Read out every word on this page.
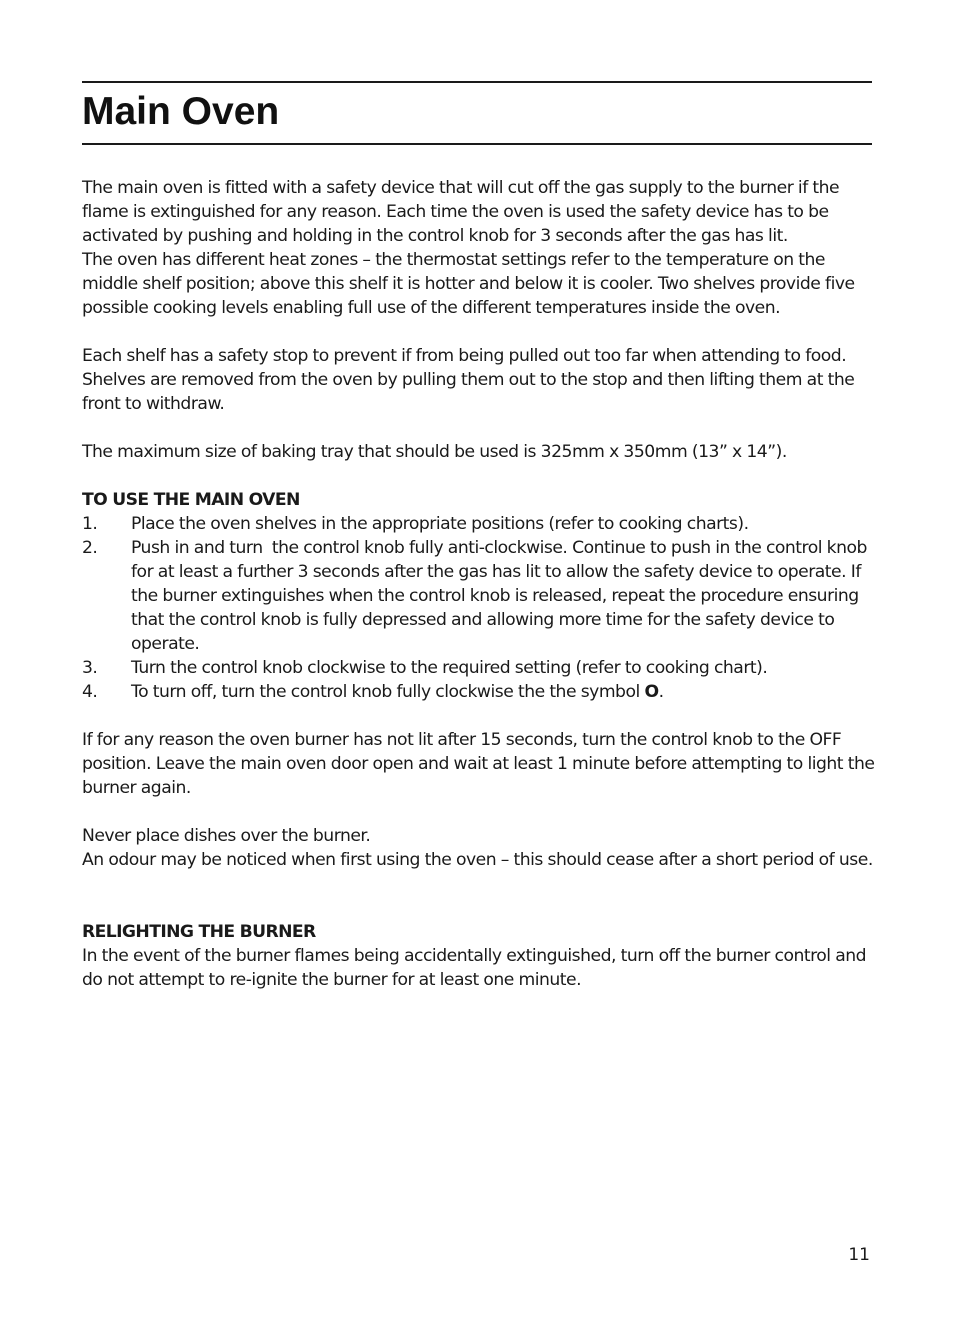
Main Oven

The main oven is fitted with a safety device that will cut off the gas supply to the burner if the flame is extinguished for any reason. Each time the oven is used the safety device has to be activated by pushing and holding in the control knob for 3 seconds after the gas has lit.

The oven has different heat zones – the thermostat settings refer to the temperature on the middle shelf position; above this shelf it is hotter and below it is cooler. Two shelves provide five possible cooking levels enabling full use of the different temperatures inside the oven.

Each shelf has a safety stop to prevent if from being pulled out too far when attending to food. Shelves are removed from the oven by pulling them out to the stop and then lifting them at the front to withdraw.

The maximum size of baking tray that should be used is 325mm x 350mm (13” x 14”).

TO USE THE MAIN OVEN

1.	Place the oven shelves in the appropriate positions (refer to cooking charts).
2.	Push in and turn  the control knob fully anti-clockwise. Continue to push in the control knob for at least a further 3 seconds after the gas has lit to allow the safety device to operate. If the burner extinguishes when the control knob is released, repeat the procedure ensuring that the control knob is fully depressed and allowing more time for the safety device to operate.
3.	Turn the control knob clockwise to the required setting (refer to cooking chart).
4.	To turn off, turn the control knob fully clockwise the the symbol O.

If for any reason the oven burner has not lit after 15 seconds, turn the control knob to the OFF position. Leave the main oven door open and wait at least 1 minute before attempting to light the burner again.

Never place dishes over the burner.

An odour may be noticed when first using the oven – this should cease after a short period of use.

RELIGHTING THE BURNER

In the event of the burner flames being accidentally extinguished, turn off the burner control and do not attempt to re-ignite the burner for at least one minute.

11
